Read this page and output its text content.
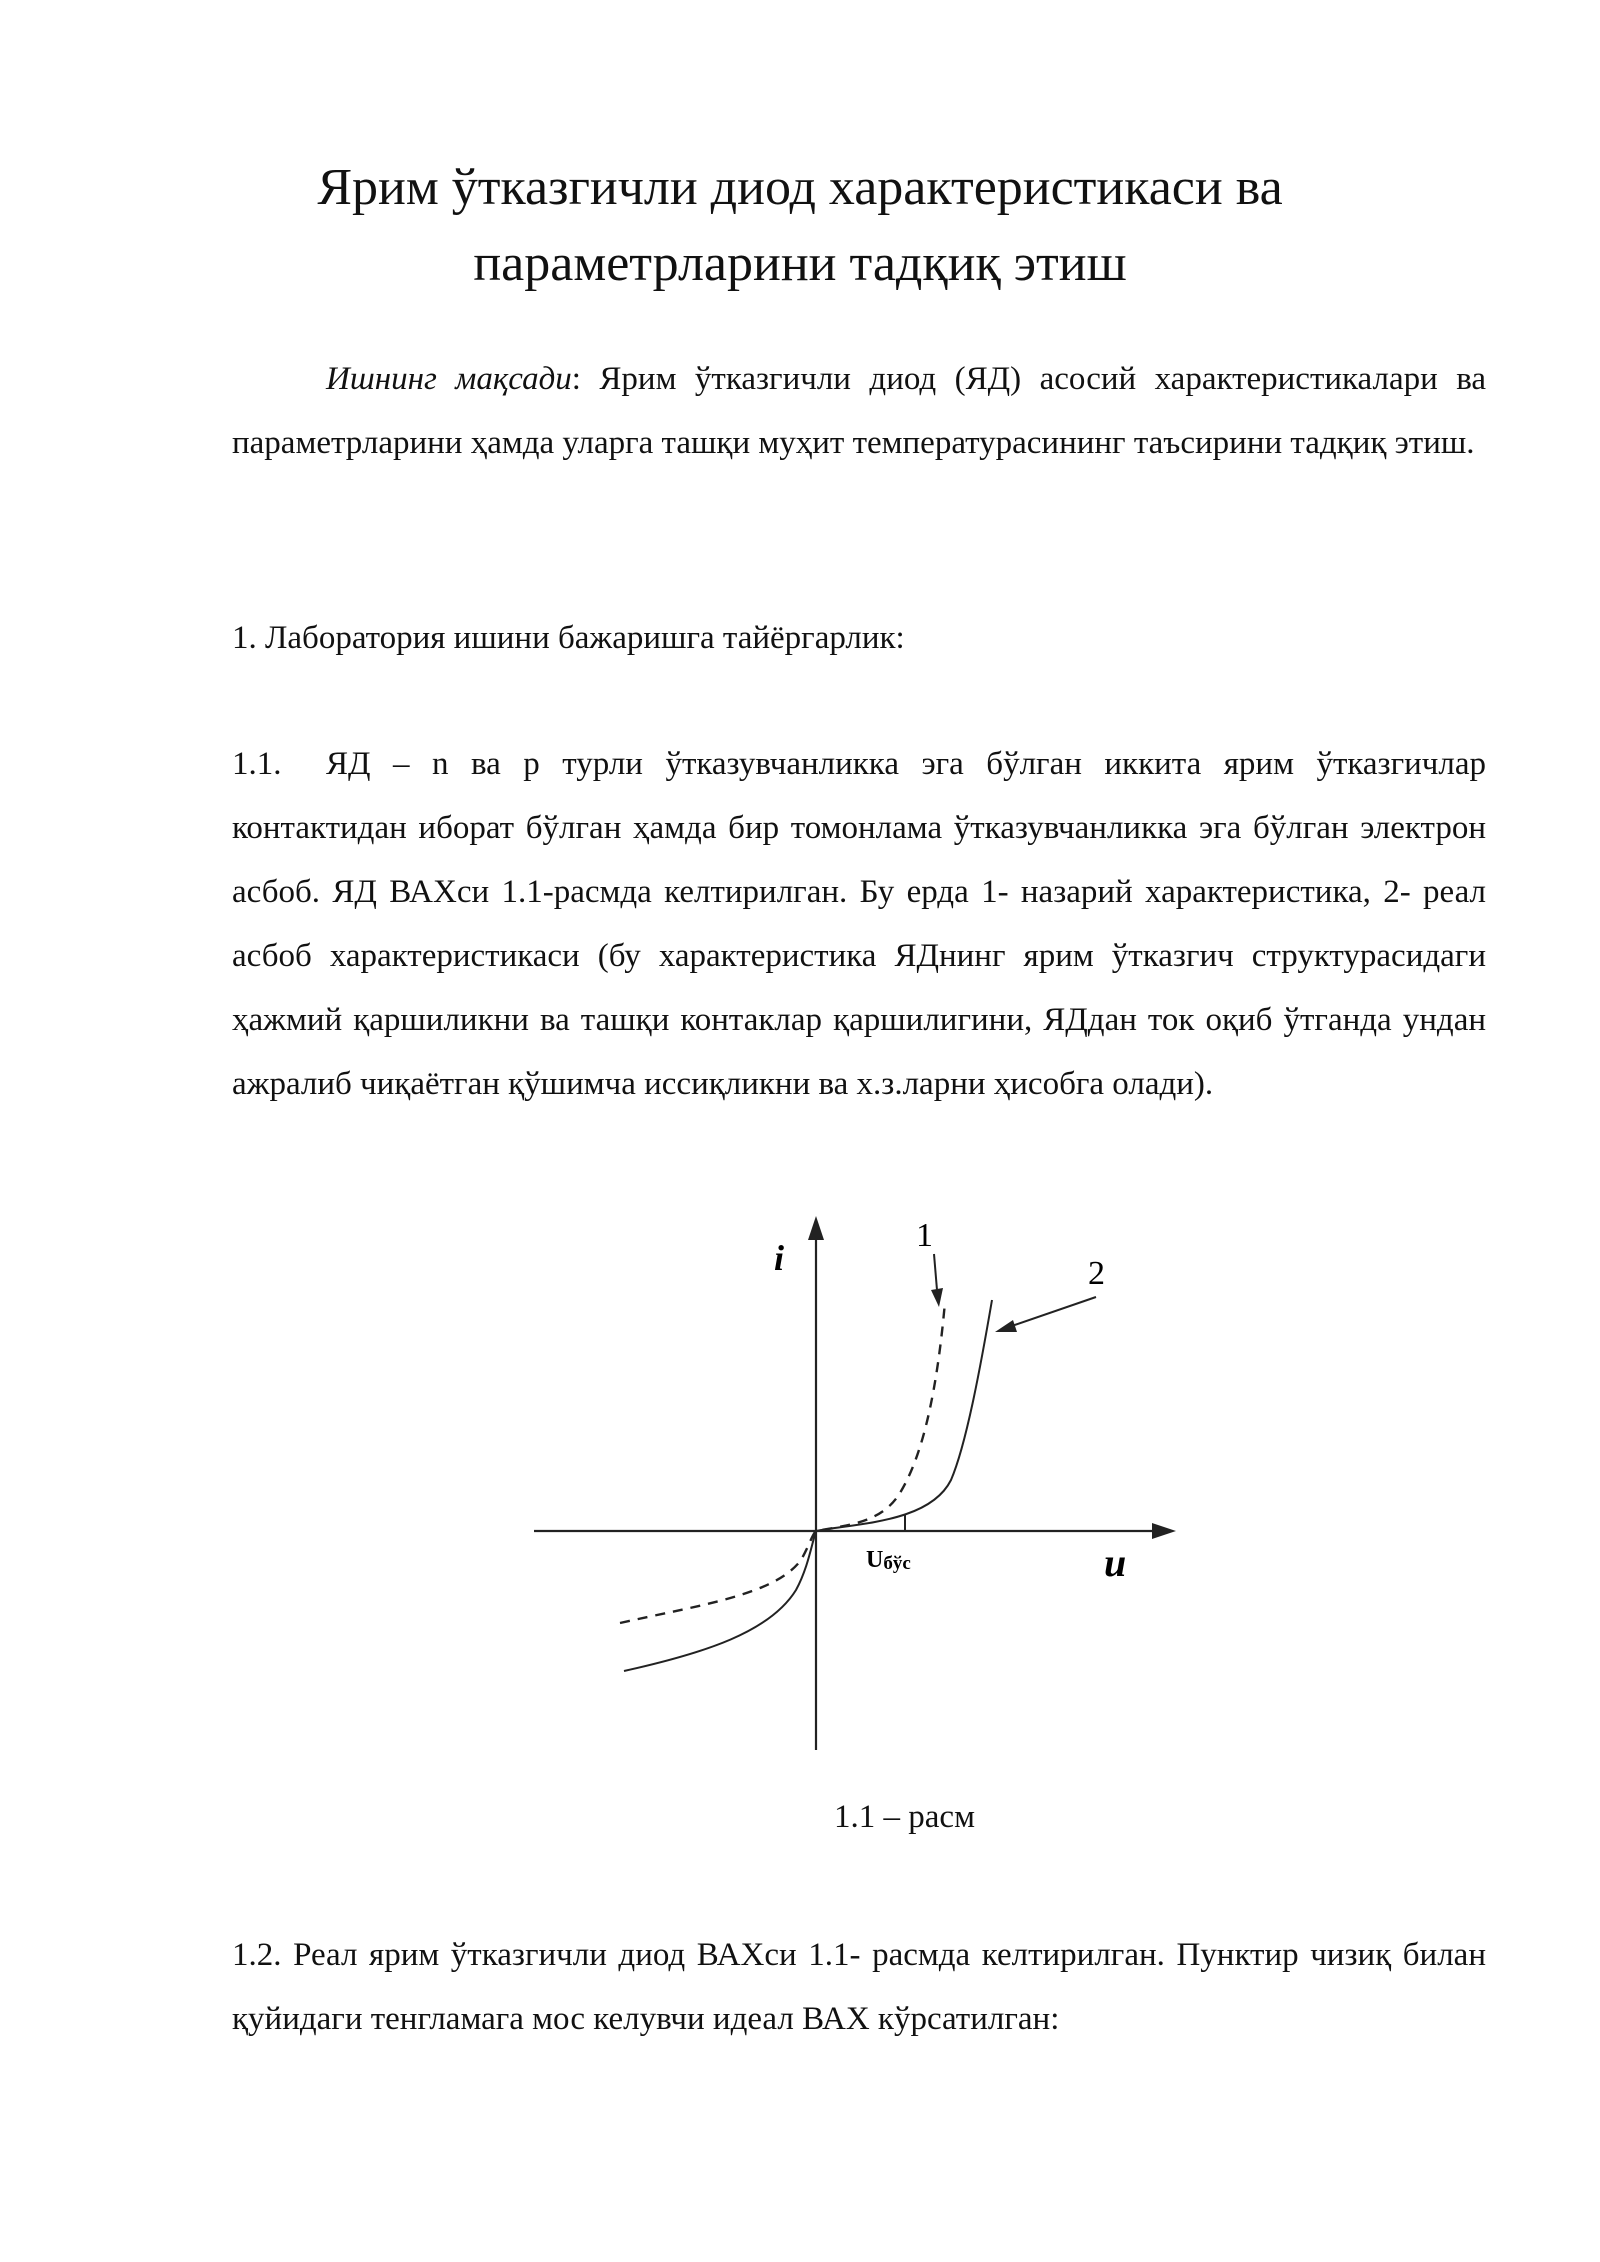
Ярим ўтказгичли диод характеристикаси ва
параметрларини тадқиқ этиш

Ишнинг мақсади: Ярим ўтказгичли диод (ЯД) асосий характеристикалари ва параметрларини ҳамда уларга ташқи муҳит температурасининг таъсирини тадқиқ этиш.

1. Лаборатория ишини бажаришга тайёргарлик:

1.1. ЯД – n ва p турли ўтказувчанликка эга бўлган иккита ярим ўтказгичлар контактидан иборат бўлган ҳамда бир томонлама ўтказувчанликка эга бўлган электрон асбоб. ЯД ВАХси 1.1-расмда келтирилган. Бу ерда 1- назарий характеристика, 2- реал асбоб характеристикаси (бу характеристика ЯДнинг ярим ўтказгич структурасидаги ҳажмий қаршиликни ва ташқи контаклар қаршилигини, ЯДдан ток оқиб ўтганда ундан ажралиб чиқаётган қўшимча иссиқликни ва х.з.ларни ҳисобга олади).

i
u
1
2
Uбўс

1.1 – расм

1.2. Реал ярим ўтказгичли диод ВАХси 1.1- расмда келтирилган. Пунктир чизиқ билан қуйидаги тенгламага мос келувчи идеал ВАХ кўрсатилган:
